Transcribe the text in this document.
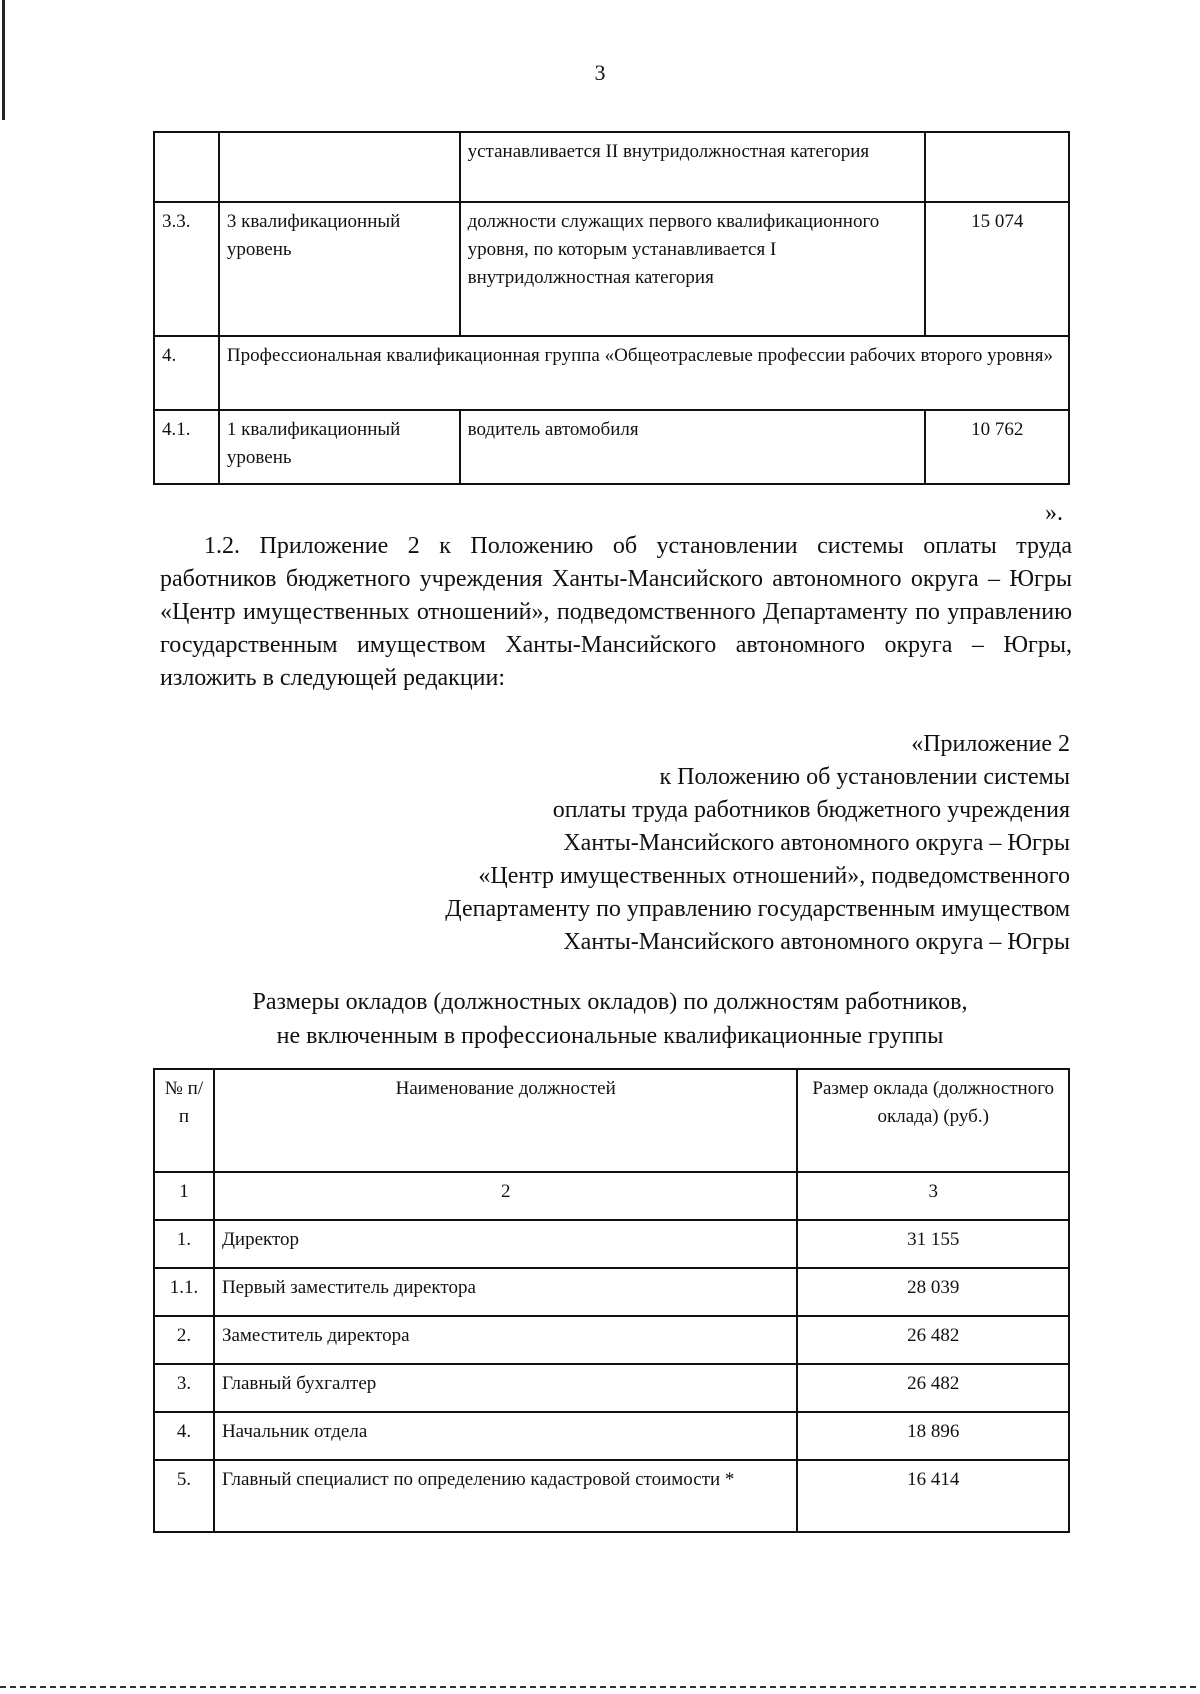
3
		устанавливается II внутридолжностная категория	
3.3.	3 квалификационный уровень	должности служащих первого квалификационного уровня, по которым устанавливается I внутридолжностная категория	15 074
4.	Профессиональная квалификационная группа «Общеотраслевые профессии рабочих второго уровня»		
4.1.	1 квалификационный уровень	водитель автомобиля	10 762
».
1.2. Приложение 2 к Положению об установлении системы оплаты труда работников бюджетного учреждения Ханты-Мансийского автономного округа – Югры «Центр имущественных отношений», подведомственного Департаменту по управлению государственным имуществом Ханты-Мансийского автономного округа – Югры, изложить в следующей редакции:
«Приложение 2
к Положению об установлении системы
оплаты труда работников бюджетного учреждения
Ханты-Мансийского автономного округа – Югры
«Центр имущественных отношений», подведомственного
Департаменту по управлению государственным имуществом
Ханты-Мансийского автономного округа – Югры
Размеры окладов (должностных окладов) по должностям работников,
не включенным в профессиональные квалификационные группы
№ п/п	Наименование должностей	Размер оклада (должностного оклада) (руб.)
1	2	3
1.	Директор	31 155
1.1.	Первый заместитель директора	28 039
2.	Заместитель директора	26 482
3.	Главный бухгалтер	26 482
4.	Начальник отдела	18 896
5.	Главный специалист по определению кадастровой стоимости *	16 414
